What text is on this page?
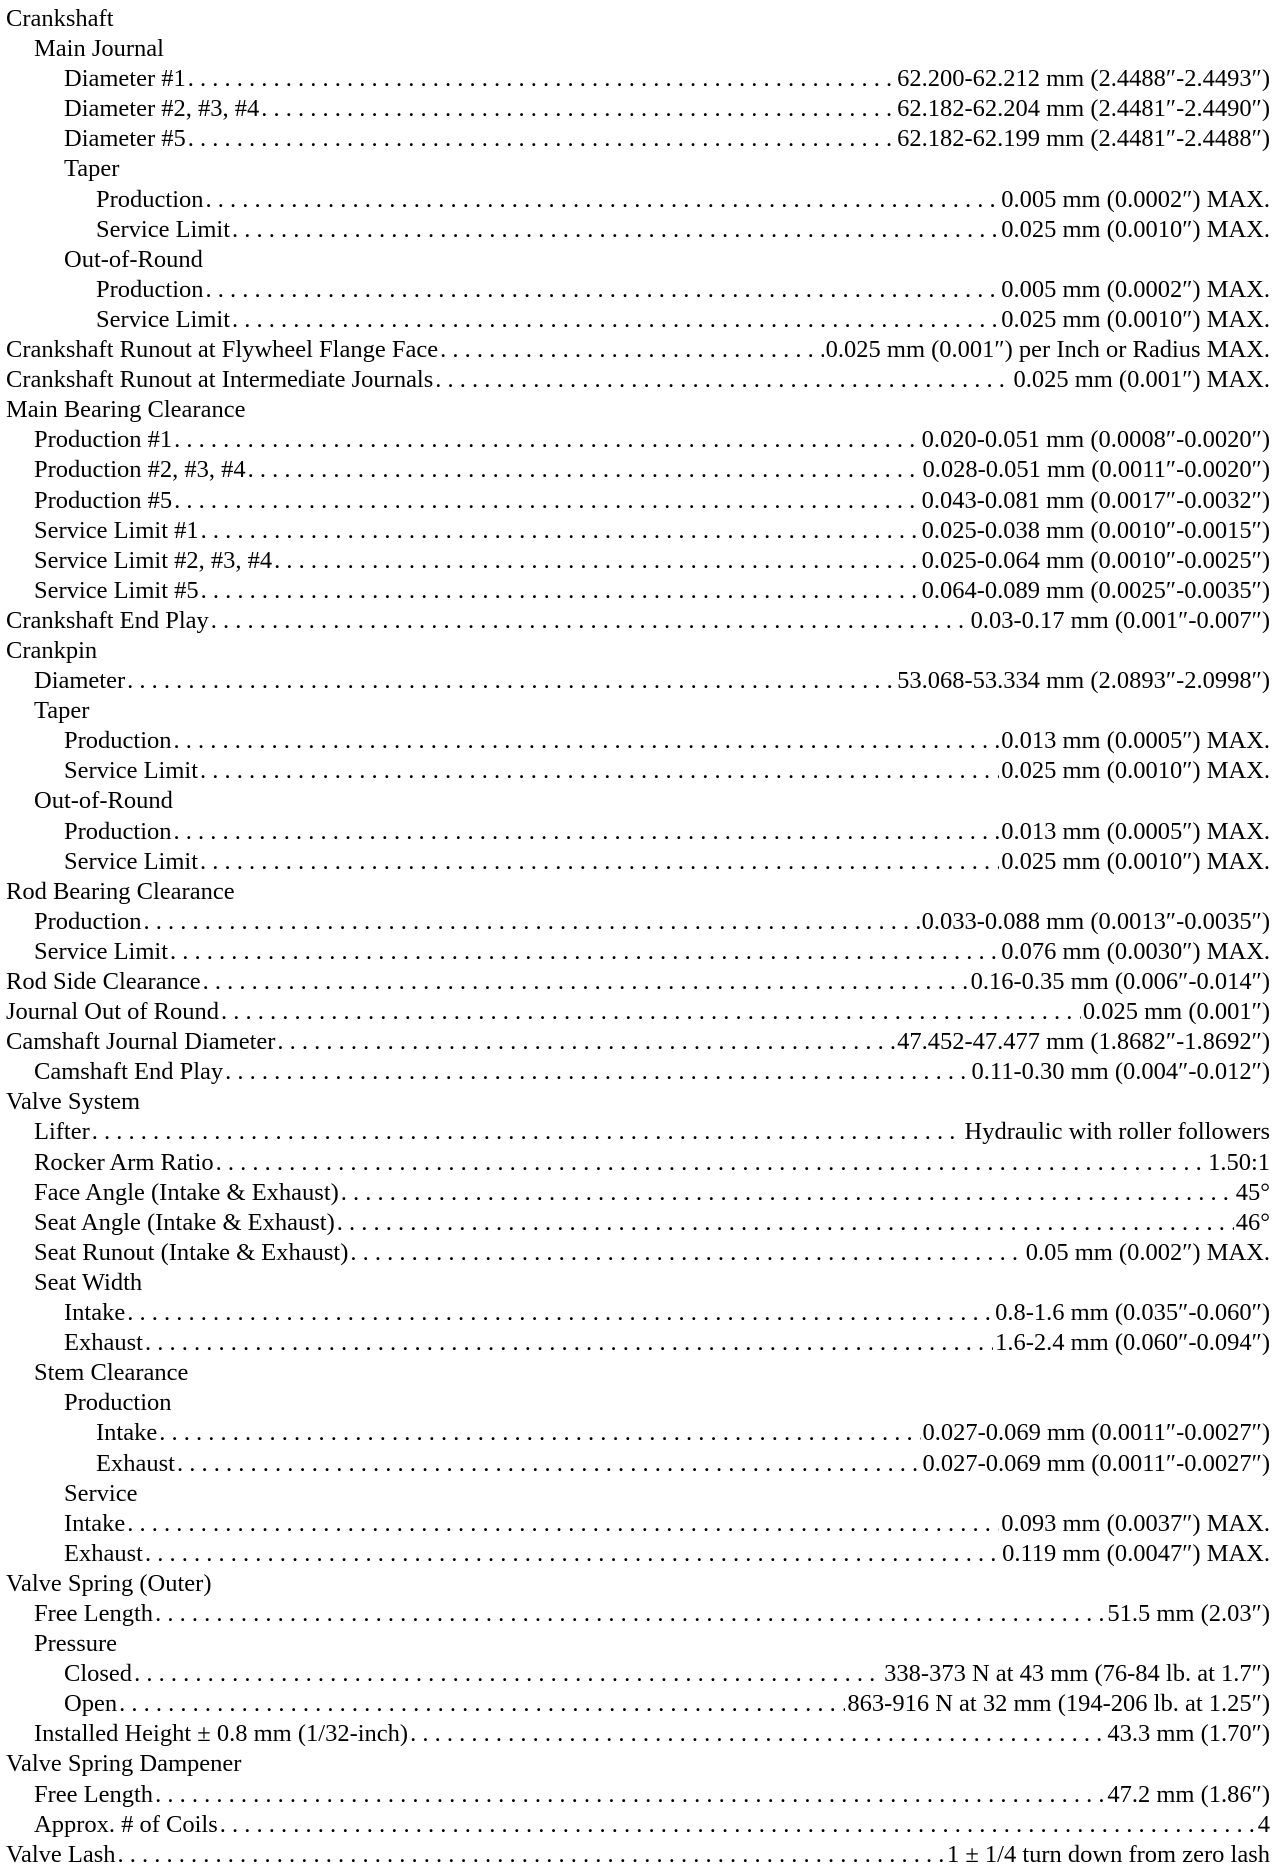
Crankshaft
Main Journal
Diameter #1 . . .	62.200-62.212 mm (2.4488″-2.4493″)
Diameter #2, #3, #4 . . .	62.182-62.204 mm (2.4481″-2.4490″)
Diameter #5 . . .	62.182-62.199 mm (2.4481″-2.4488″)
Taper
Production . . .	0.005 mm (0.0002″) MAX.
Service Limit . . .	0.025 mm (0.0010″) MAX.
Out-of-Round
Production . . .	0.005 mm (0.0002″) MAX.
Service Limit . . .	0.025 mm (0.0010″) MAX.
Crankshaft Runout at Flywheel Flange Face . . .	0.025 mm (0.001″) per Inch or Radius MAX.
Crankshaft Runout at Intermediate Journals . . .	0.025 mm (0.001″) MAX.
Main Bearing Clearance
Production #1 . . .	0.020-0.051 mm (0.0008″-0.0020″)
Production #2, #3, #4 . . .	0.028-0.051 mm (0.0011″-0.0020″)
Production #5 . . .	0.043-0.081 mm (0.0017″-0.0032″)
Service Limit #1 . . .	0.025-0.038 mm (0.0010″-0.0015″)
Service Limit #2, #3, #4 . . .	0.025-0.064 mm (0.0010″-0.0025″)
Service Limit #5 . . .	0.064-0.089 mm (0.0025″-0.0035″)
Crankshaft End Play . . .	0.03-0.17 mm (0.001″-0.007″)
Crankpin
Diameter . . .	53.068-53.334 mm (2.0893″-2.0998″)
Taper
Production . . .	0.013 mm (0.0005″) MAX.
Service Limit . . .	0.025 mm (0.0010″) MAX.
Out-of-Round
Production . . .	0.013 mm (0.0005″) MAX.
Service Limit . . .	0.025 mm (0.0010″) MAX.
Rod Bearing Clearance
Production . . .	0.033-0.088 mm (0.0013″-0.0035″)
Service Limit . . .	0.076 mm (0.0030″) MAX.
Rod Side Clearance . . .	0.16-0.35 mm (0.006″-0.014″)
Journal Out of Round . . .	0.025 mm (0.001″)
Camshaft Journal Diameter . . .	47.452-47.477 mm (1.8682″-1.8692″)
Camshaft End Play . . .	0.11-0.30 mm (0.004″-0.012″)
Valve System
Lifter . . .	Hydraulic with roller followers
Rocker Arm Ratio . . .	1.50:1
Face Angle (Intake & Exhaust) . . .	45°
Seat Angle (Intake & Exhaust) . . .	46°
Seat Runout (Intake & Exhaust) . . .	0.05 mm (0.002″) MAX.
Seat Width
Intake . . .	0.8-1.6 mm (0.035″-0.060″)
Exhaust . . .	1.6-2.4 mm (0.060″-0.094″)
Stem Clearance
Production
Intake . . .	0.027-0.069 mm (0.0011″-0.0027″)
Exhaust . . .	0.027-0.069 mm (0.0011″-0.0027″)
Service
Intake . . .	0.093 mm (0.0037″) MAX.
Exhaust . . .	0.119 mm (0.0047″) MAX.
Valve Spring (Outer)
Free Length . . .	51.5 mm (2.03″)
Pressure
Closed . . .	338-373 N at 43 mm (76-84 lb. at 1.7″)
Open . . .	863-916 N at 32 mm (194-206 lb. at 1.25″)
Installed Height ± 0.8 mm (1/32-inch) . . .	43.3 mm (1.70″)
Valve Spring Dampener
Free Length . . .	47.2 mm (1.86″)
Approx. # of Coils . . .	4
Valve Lash . . .	1 ± 1/4 turn down from zero lash
